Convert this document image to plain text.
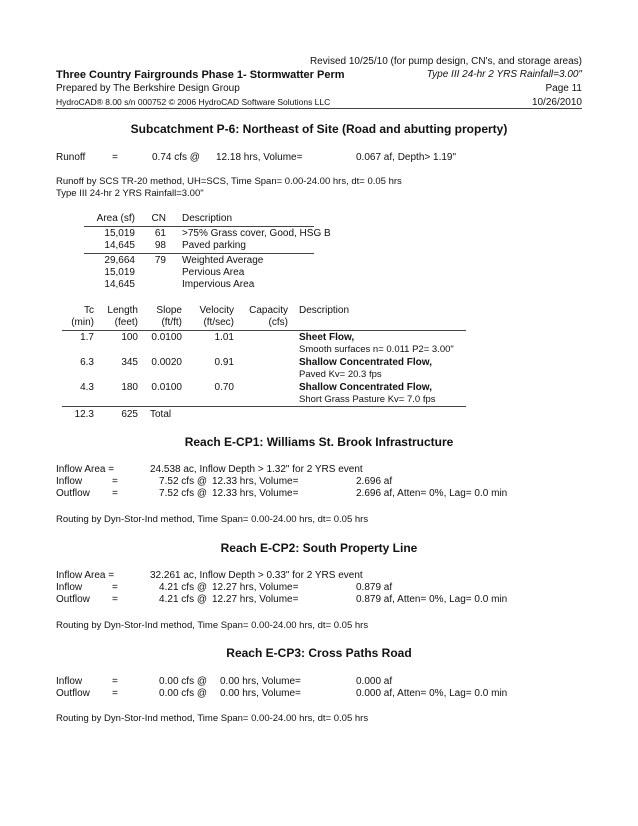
Revised 10/25/10 (for pump design, CN's, and storage areas)
Three Country Fairgrounds Phase 1- Stormwatter Perm	Type III 24-hr 2 YRS Rainfall=3.00"
Prepared by The Berkshire Design Group	Page 11
HydroCAD® 8.00 s/n 000752 © 2006 HydroCAD Software Solutions LLC	10/26/2010
Subcatchment P-6: Northeast of Site (Road and abutting property)
Runoff	=	0.74 cfs @ 12.18 hrs, Volume=	0.067 af, Depth> 1.19"
Runoff by SCS TR-20 method, UH=SCS, Time Span= 0.00-24.00 hrs, dt= 0.05 hrs
Type III 24-hr 2 YRS Rainfall=3.00"
Area (sf)	CN Description
15,019	61 >75% Grass cover, Good, HSG B
14,645	98 Paved parking
29,664	79 Weighted Average
15,019	Pervious Area
14,645	Impervious Area
Tc	Length	Slope	Velocity	Capacity Description
(min)	(feet)	(ft/ft)	(ft/sec)	(cfs)
1.7	100	0.0100	1.01	Sheet Flow,
Smooth surfaces n= 0.011 P2= 3.00"
6.3	345	0.0020	0.91	Shallow Concentrated Flow,
Paved Kv= 20.3 fps
4.3	180	0.0100	0.70	Shallow Concentrated Flow,
Short Grass Pasture Kv= 7.0 fps
12.3	625 Total
Reach E-CP1: Williams St. Brook Infrastructure
Inflow Area =	24.538 ac, Inflow Depth > 1.32" for 2 YRS event
Inflow	=	7.52 cfs @ 12.33 hrs, Volume=	2.696 af
Outflow =	7.52 cfs @ 12.33 hrs, Volume=	2.696 af, Atten= 0%, Lag= 0.0 min
Routing by Dyn-Stor-Ind method, Time Span= 0.00-24.00 hrs, dt= 0.05 hrs
Reach E-CP2: South Property Line
Inflow Area =	32.261 ac, Inflow Depth > 0.33" for 2 YRS event
Inflow	=	4.21 cfs @ 12.27 hrs, Volume=	0.879 af
Outflow =	4.21 cfs @ 12.27 hrs, Volume=	0.879 af, Atten= 0%, Lag= 0.0 min
Routing by Dyn-Stor-Ind method, Time Span= 0.00-24.00 hrs, dt= 0.05 hrs
Reach E-CP3: Cross Paths Road
Inflow	=	0.00 cfs @ 0.00 hrs, Volume=	0.000 af
Outflow =	0.00 cfs @ 0.00 hrs, Volume=	0.000 af, Atten= 0%, Lag= 0.0 min
Routing by Dyn-Stor-Ind method, Time Span= 0.00-24.00 hrs, dt= 0.05 hrs
